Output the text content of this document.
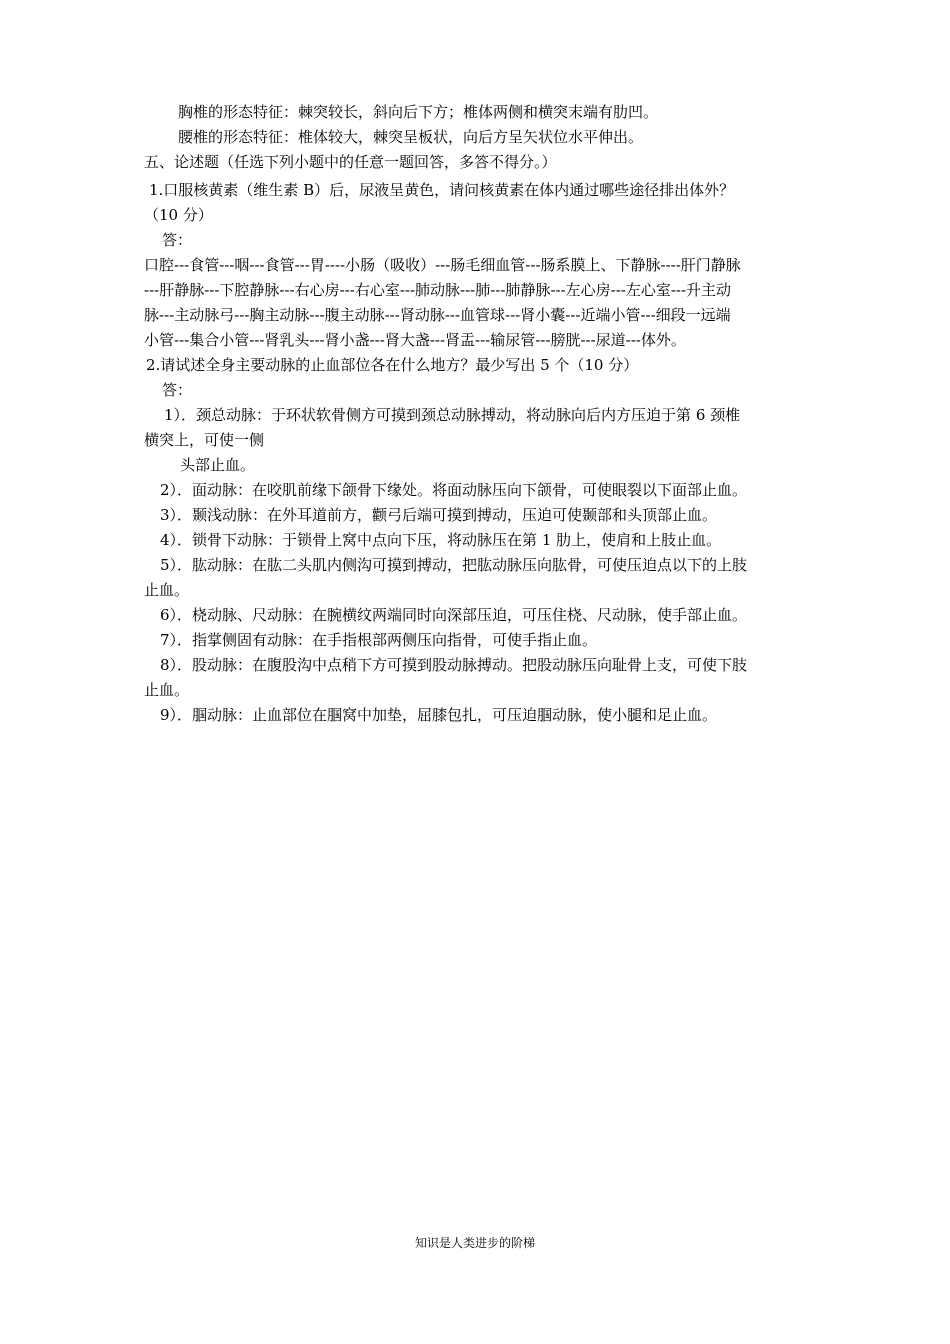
胸椎的形态特征：棘突较长，斜向后下方；椎体两侧和横突末端有肋凹。
腰椎的形态特征：椎体较大，棘突呈板状，向后方呈矢状位水平伸出。
五、论述题（任选下列小题中的任意一题回答，多答不得分。）
1.口服核黄素（维生素 B）后，尿液呈黄色，请问核黄素在体内通过哪些途径排出体外？
（10 分）
答：
口腔---食管---咽---食管---胃----小肠（吸收）---肠毛细血管---肠系膜上、下静脉----肝门静脉
---肝静脉---下腔静脉---右心房---右心室---肺动脉---肺---肺静脉---左心房---左心室---升主动
脉---主动脉弓---胸主动脉---腹主动脉---肾动脉---血管球---肾小囊---近端小管---细段一远端
小管---集合小管---肾乳头---肾小盏---肾大盏---肾盂---输尿管---膀胱---尿道---体外。
2.请试述全身主要动脉的止血部位各在什么地方？最少写出 5 个（10 分）
答：
1）．颈总动脉：于环状软骨侧方可摸到颈总动脉搏动，将动脉向后内方压迫于第 6 颈椎
横突上，可使一侧
头部止血。
2）．面动脉：在咬肌前缘下颌骨下缘处。将面动脉压向下颌骨，可使眼裂以下面部止血。
3）．颞浅动脉：在外耳道前方，颧弓后端可摸到搏动，压迫可使颞部和头顶部止血。
4）．锁骨下动脉：于锁骨上窝中点向下压，将动脉压在第 1 肋上，使肩和上肢止血。
5）．肱动脉：在肱二头肌内侧沟可摸到搏动，把肱动脉压向肱骨，可使压迫点以下的上肢
止血。
6）．桡动脉、尺动脉：在腕横纹两端同时向深部压迫，可压住桡、尺动脉，使手部止血。
7）．指掌侧固有动脉：在手指根部两侧压向指骨，可使手指止血。
8）．股动脉：在腹股沟中点稍下方可摸到股动脉搏动。把股动脉压向耻骨上支，可使下肢
止血。
9）．腘动脉：止血部位在腘窝中加垫，屈膝包扎，可压迫腘动脉，使小腿和足止血。
知识是人类进步的阶梯
